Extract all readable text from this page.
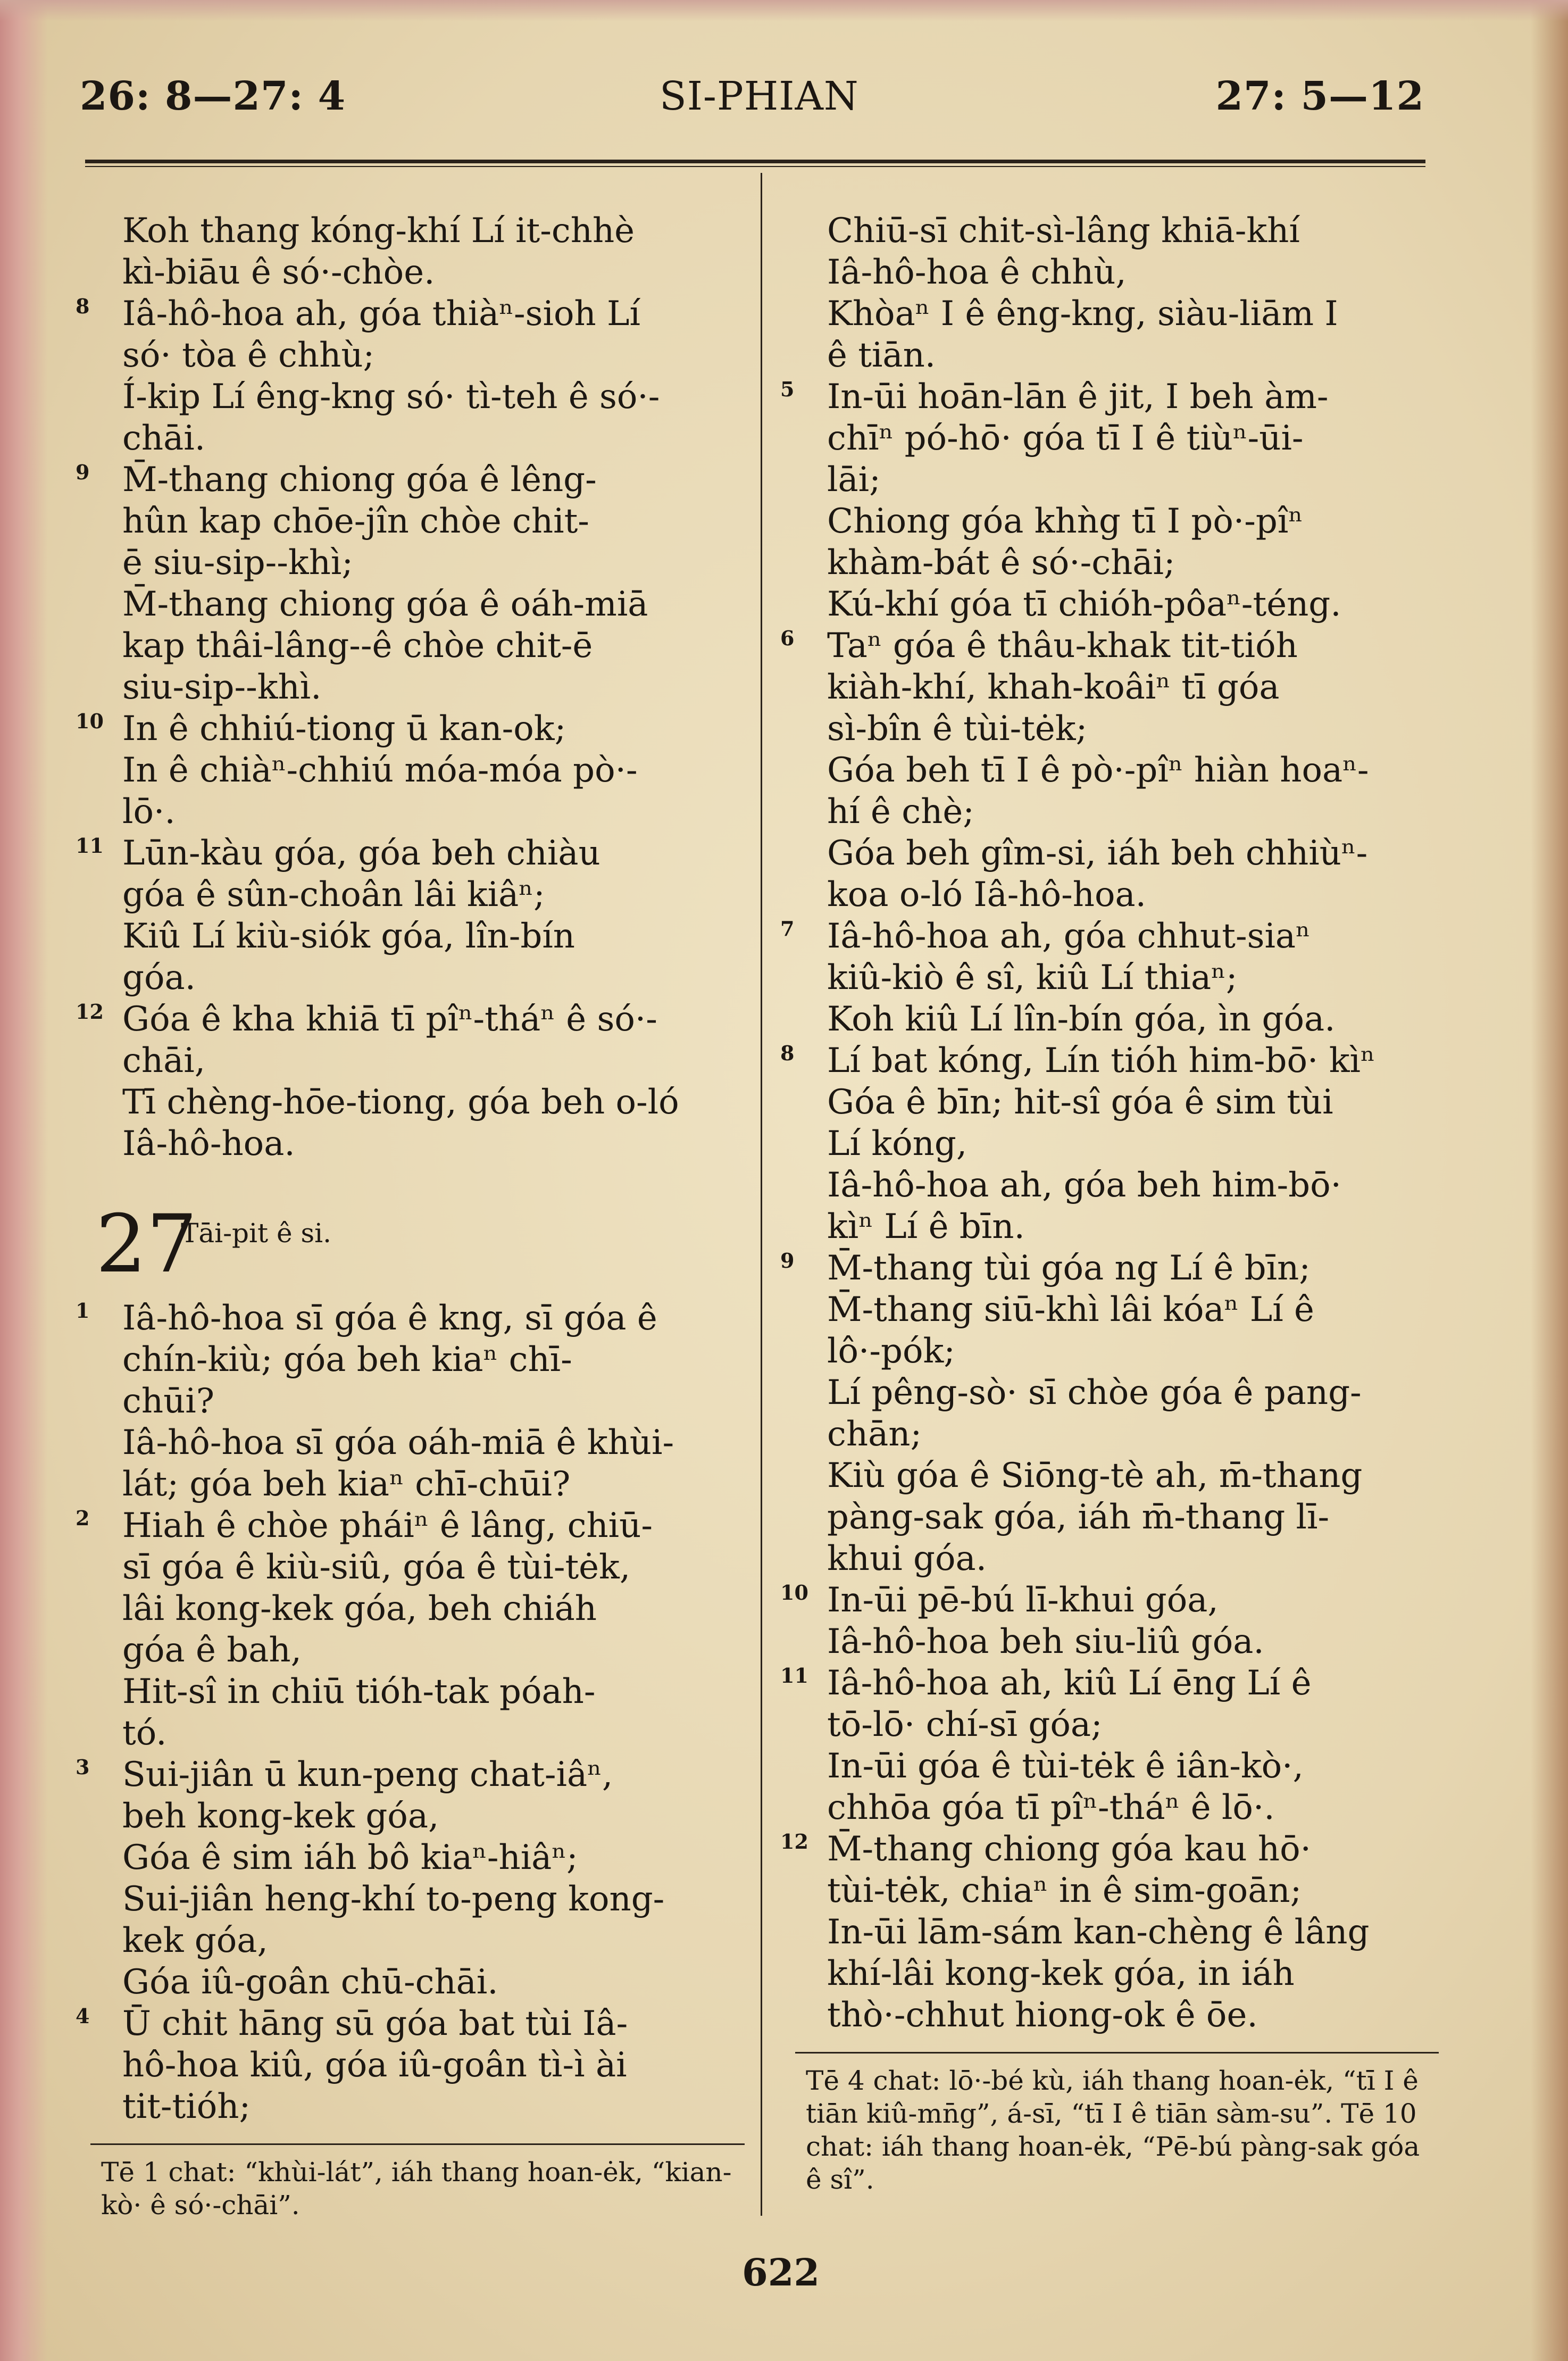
26: 8—27: 4	SI-PHIAN	27: 5—12
Koh thang kóng-khí Lí it-chhè
kì-biāu ê só·-chòe.
8 Iâ-hô-hoa ah, góa thiàⁿ-sioh Lí
só· tòa ê chhù;
Í-kip Lí êng-kng só· tì-teh ê só·-
chāi.
9 M̄-thang chiong góa ê lêng-
hûn kap chōe-jîn chòe chit-
ē siu-sip--khì;
M̄-thang chiong góa ê oáh-miā
kap thâi-lâng--ê chòe chit-ē
siu-sip--khì.
10 In ê chhiú-tiong ū kan-ok;
In ê chiàⁿ-chhiú móa-móa pò·-
lō·.
11 Lūn-kàu góa, góa beh chiàu
góa ê sûn-choân lâi kiâⁿ;
Kiû Lí kiù-siók góa, lîn-bín
góa.
12 Góa ê kha khiā tī pîⁿ-tháⁿ ê só·-
chāi,
Tī chèng-hōe-tiong, góa beh o-ló
Iâ-hô-hoa.
27
Tāi-pit ê si.
1 Iâ-hô-hoa sī góa ê kng, sī góa ê
chín-kiù; góa beh kiaⁿ chī-
chūi?
Iâ-hô-hoa sī góa oáh-miā ê khùi-
lát; góa beh kiaⁿ chī-chūi?
2 Hiah ê chòe pháiⁿ ê lâng, chiū-
sī góa ê kiù-siû, góa ê tùi-tėk,
lâi kong-kek góa, beh chiáh
góa ê bah,
Hit-sî in chiū tióh-tak póah-
tó.
3 Sui-jiân ū kun-peng chat-iâⁿ,
beh kong-kek góa,
Góa ê sim iáh bô kiaⁿ-hiâⁿ;
Sui-jiân heng-khí to-peng kong-
kek góa,
Góa iû-goân chū-chāi.
4 Ū chit hāng sū góa bat tùi Iâ-
hô-hoa kiû, góa iû-goân tì-ì ài
tit-tióh;
Tē 1 chat: “khùi-lát”, iáh thang hoan-ėk, “kian-kò· ê só·-chāi”.
Chiū-sī chit-sì-lâng khiā-khí
Iâ-hô-hoa ê chhù,
Khòaⁿ I ê êng-kng, siàu-liām I
ê tiān.
5 In-ūi hoān-lān ê jit, I beh àm-
chīⁿ pó-hō· góa tī I ê tiùⁿ-ūi-
lāi;
Chiong góa khǹg tī I pò·-pîⁿ
khàm-bát ê só·-chāi;
Kú-khí góa tī chióh-pôaⁿ-téng.
6 Taⁿ góa ê thâu-khak tit-tióh
kiàh-khí, khah-koâiⁿ tī góa
sì-bîn ê tùi-tėk;
Góa beh tī I ê pò·-pîⁿ hiàn hoaⁿ-
hí ê chè;
Góa beh gîm-si, iáh beh chhiùⁿ-
koa o-ló Iâ-hô-hoa.
7 Iâ-hô-hoa ah, góa chhut-siaⁿ
kiû-kiò ê sî, kiû Lí thiaⁿ;
Koh kiû Lí lîn-bín góa, ìn góa.
8 Lí bat kóng, Lín tióh him-bō· kìⁿ
Góa ê bīn; hit-sî góa ê sim tùi
Lí kóng,
Iâ-hô-hoa ah, góa beh him-bō·
kìⁿ Lí ê bīn.
9 M̄-thang tùi góa ng Lí ê bīn;
M̄-thang siū-khì lâi kóaⁿ Lí ê
lô·-pók;
Lí pêng-sò· sī chòe góa ê pang-
chān;
Kiù góa ê Siōng-tè ah, m̄-thang
pàng-sak góa, iáh m̄-thang lī-
khui góa.
10 In-ūi pē-bú lī-khui góa,
Iâ-hô-hoa beh siu-liû góa.
11 Iâ-hô-hoa ah, kiû Lí ēng Lí ê
tō-lō· chí-sī góa;
In-ūi góa ê tùi-tėk ê iân-kò·,
chhōa góa tī pîⁿ-tháⁿ ê lō·.
12 M̄-thang chiong góa kau hō·
tùi-tėk, chiaⁿ in ê sim-goān;
In-ūi lām-sám kan-chèng ê lâng
khí-lâi kong-kek góa, in iáh
thò·-chhut hiong-ok ê ōe.
Tē 4 chat: lō·-bé kù, iáh thang hoan-ėk, “tī I ê tiān kiû-mn̄g”, á-sī, “tī I ê tiān sàm-su”. Tē 10 chat: iáh thang hoan-ėk, “Pē-bú pàng-sak góa ê sî”.
622
